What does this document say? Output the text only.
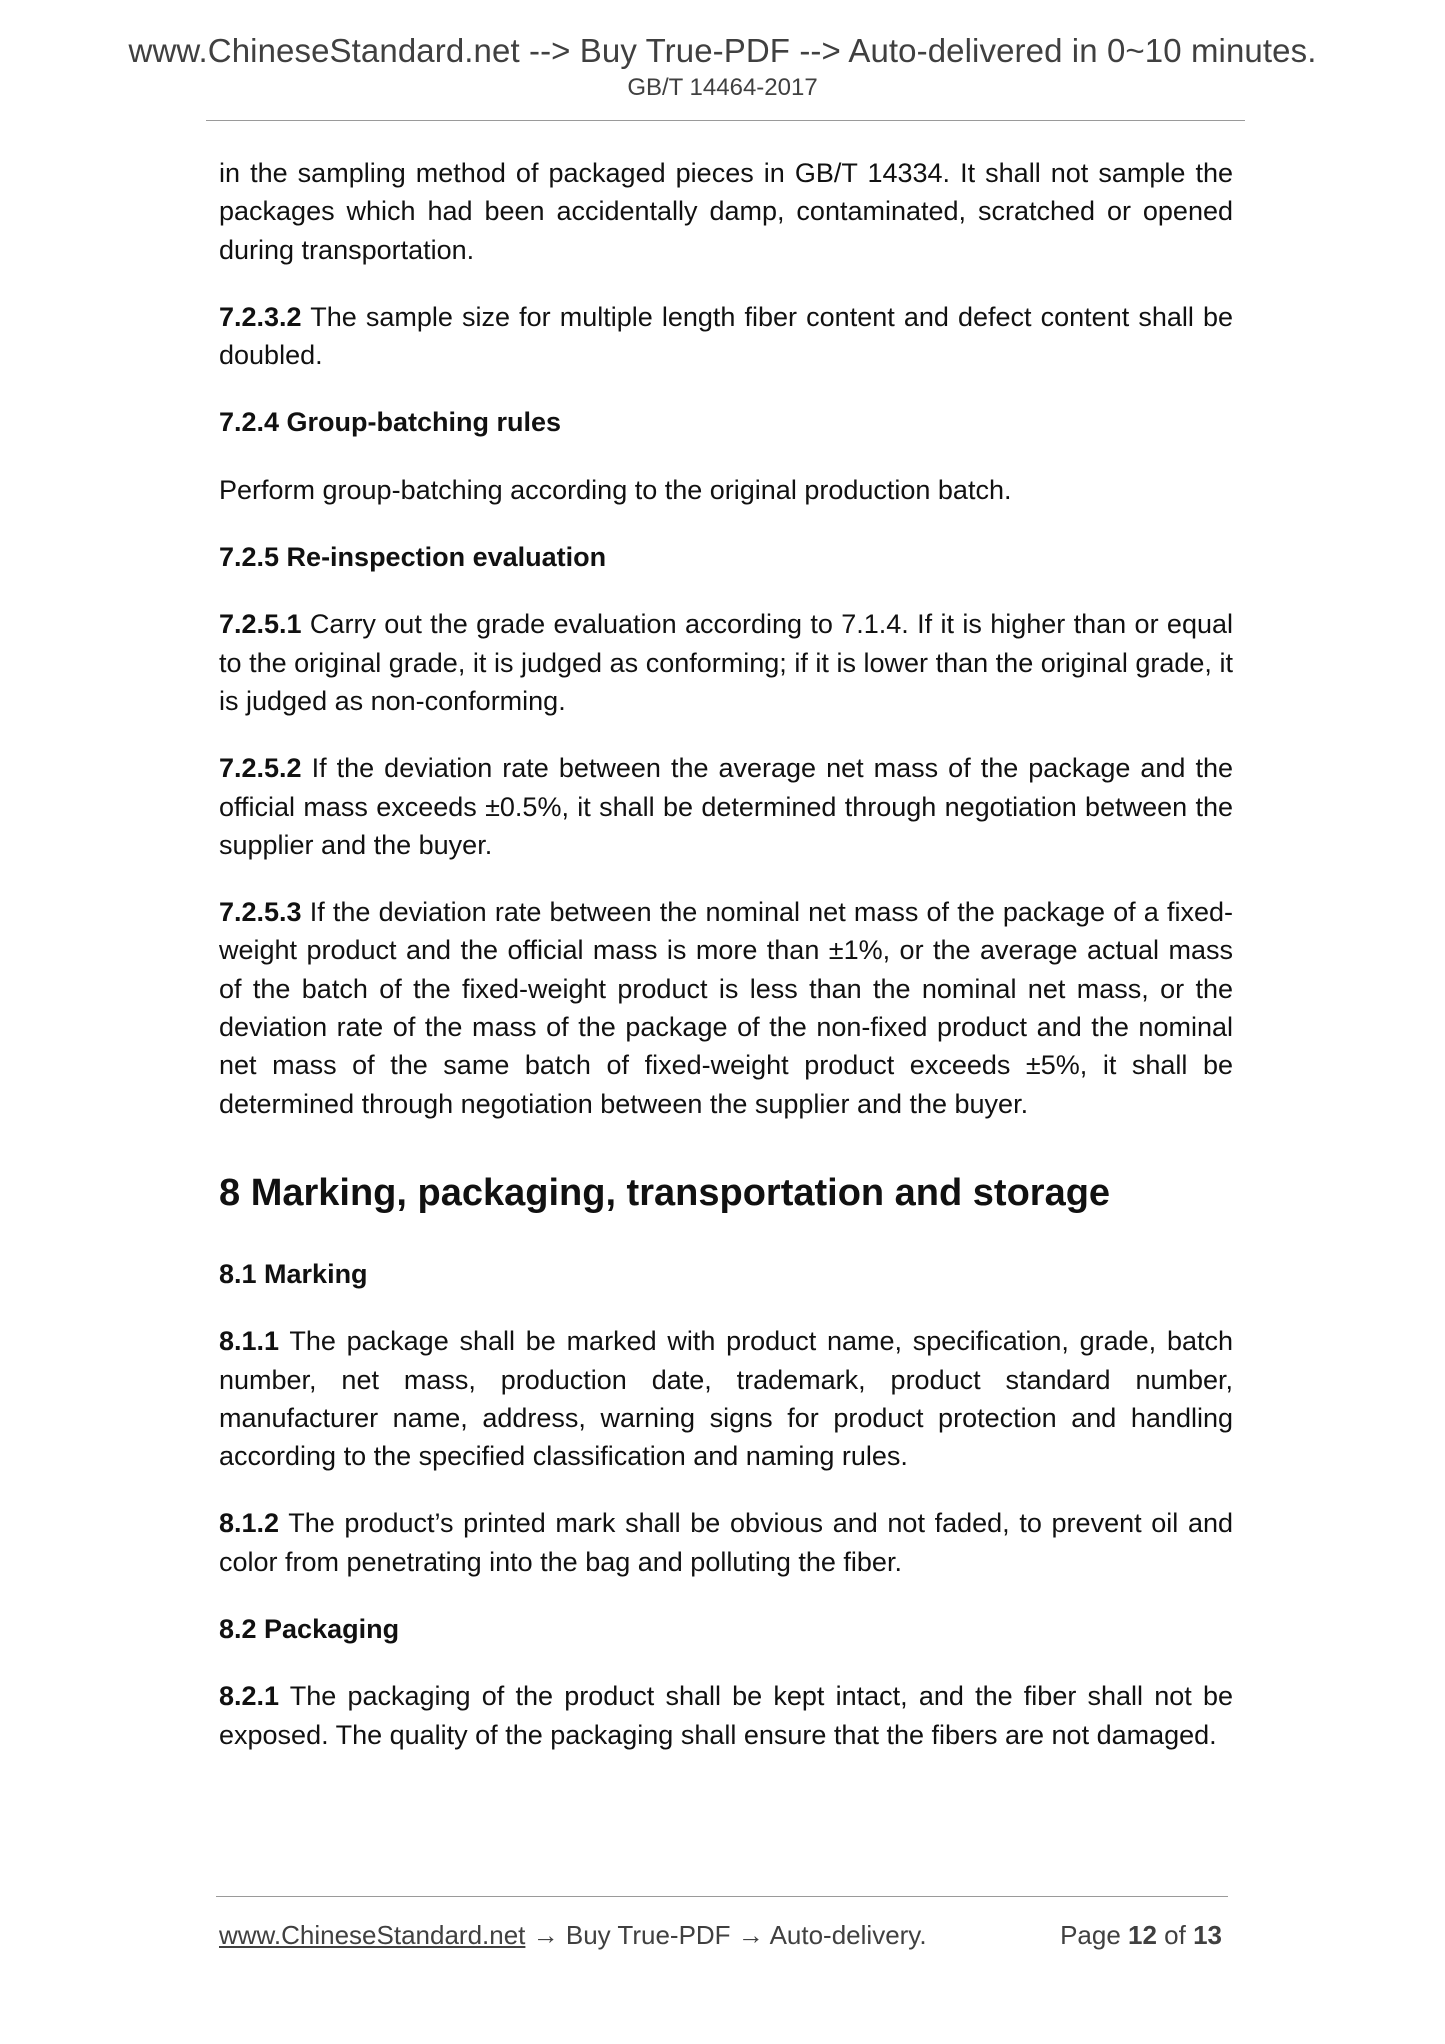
www.ChineseStandard.net --> Buy True-PDF --> Auto-delivered in 0~10 minutes.
GB/T 14464-2017

in the sampling method of packaged pieces in GB/T 14334. It shall not sample the packages which had been accidentally damp, contaminated, scratched or opened during transportation.

7.2.3.2 The sample size for multiple length fiber content and defect content shall be doubled.

7.2.4 Group-batching rules

Perform group-batching according to the original production batch.

7.2.5 Re-inspection evaluation

7.2.5.1 Carry out the grade evaluation according to 7.1.4. If it is higher than or equal to the original grade, it is judged as conforming; if it is lower than the original grade, it is judged as non-conforming.

7.2.5.2 If the deviation rate between the average net mass of the package and the official mass exceeds ±0.5%, it shall be determined through negotiation between the supplier and the buyer.

7.2.5.3 If the deviation rate between the nominal net mass of the package of a fixed-weight product and the official mass is more than ±1%, or the average actual mass of the batch of the fixed-weight product is less than the nominal net mass, or the deviation rate of the mass of the package of the non-fixed product and the nominal net mass of the same batch of fixed-weight product exceeds ±5%, it shall be determined through negotiation between the supplier and the buyer.

8 Marking, packaging, transportation and storage
8.1 Marking

8.1.1 The package shall be marked with product name, specification, grade, batch number, net mass, production date, trademark, product standard number, manufacturer name, address, warning signs for product protection and handling according to the specified classification and naming rules.

8.1.2 The product’s printed mark shall be obvious and not faded, to prevent oil and color from penetrating into the bag and polluting the fiber.

8.2 Packaging

8.2.1 The packaging of the product shall be kept intact, and the fiber shall not be exposed. The quality of the packaging shall ensure that the fibers are not damaged.

www.ChineseStandard.net → Buy True-PDF → Auto-delivery.	Page 12 of 13
